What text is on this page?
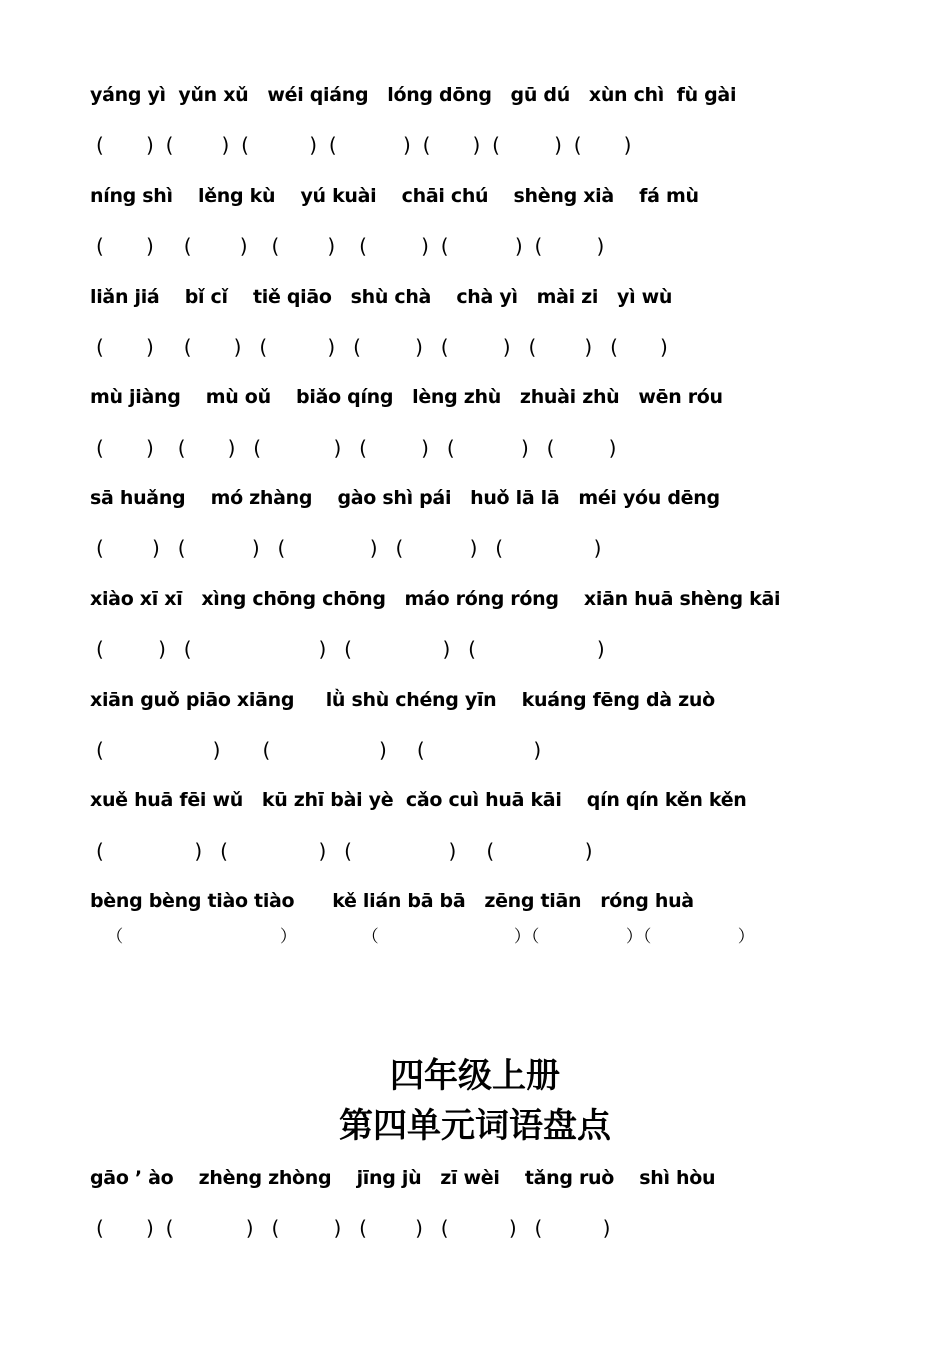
yáng yì  yǔn xǔ   wéi qiáng   lóng dōng   gū dú   xùn chì  fù gài
(       )  (        )  (          )  (           )  (       )  (         )  (       )
níng shì    lěng kù    yú kuài    chāi chú    shèng xià    fá mù
(       )     (        )    (        )    (         )  (           )  (         )
liǎn jiá    bǐ cǐ    tiě qiāo   shù chà    chà yì   mài zi   yì wù
(       )     (       )   (          )   (         )   (         )   (        )   (       )
mù jiàng    mù oǔ    biǎo qíng   lèng zhù   zhuài zhù   wēn róu
(       )    (       )   (            )   (         )   (           )   (         )
sā huǎng    mó zhàng    gào shì pái   huǒ lā lā   méi yóu dēng
(        )   (           )   (              )   (           )   (               )
xiào xī xī   xìng chōng chōng   máo róng róng    xiān huā shèng kāi
(         )   (                     )   (               )   (                    )
xiān guǒ piāo xiāng     lǜ shù chéng yīn    kuáng fēng dà zuò
(                  )       (                  )     (                  )
xuě huā fēi wǔ   kū zhī bài yè  cǎo cuì huā kāi    qín qín kěn kěn
(               )   (               )   (                )     (               )
bèng bèng tiào tiào      kě lián bā bā   zēng tiān   róng huà
（                             ）            （                         ）（                ）（                ）
四年级上册
第四单元词语盘点
gāo ’ ào    zhèng zhòng    jīng jù   zī wèi    tǎng ruò    shì hòu
(       )  (            )   (         )   (        )   (          )   (          )
